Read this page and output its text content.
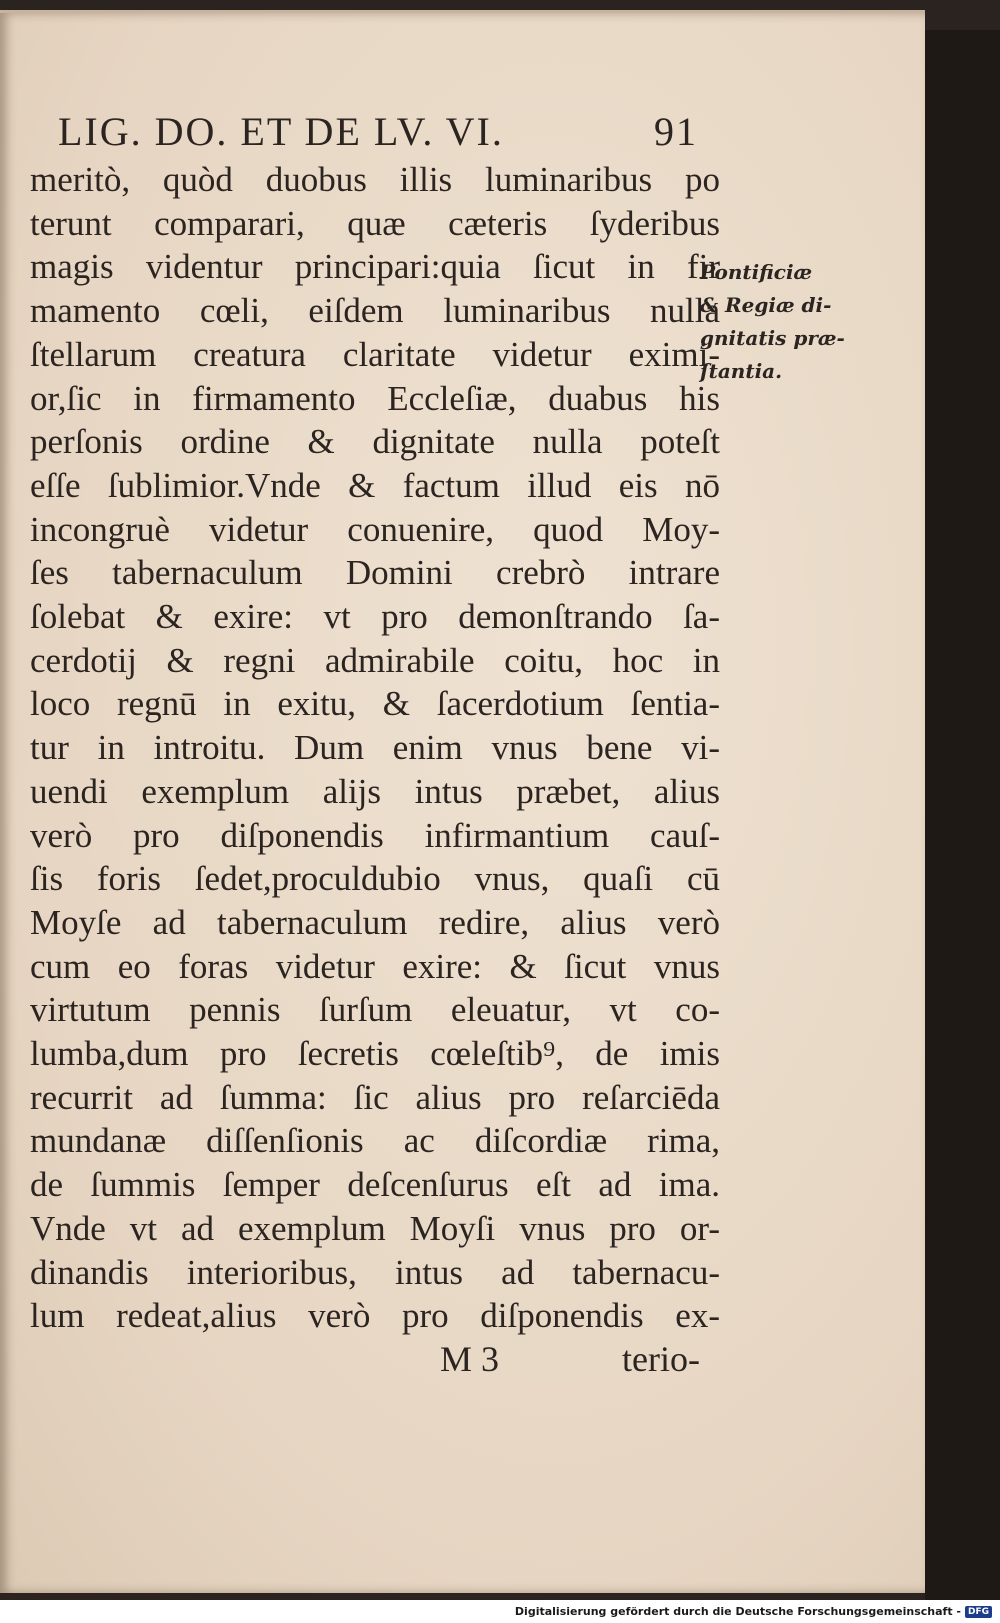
LIG. DO. ET DE LV. VI.	91
meritò, quòd duobus illis luminaribus po
terunt comparari, quæ cæteris ſyderibus
magis videntur principari:quia ſicut in fir
mamento cœli, eiſdem luminaribus nulla
ſtellarum creatura claritate videtur eximi-
or,ſic in firmamento Eccleſiæ, duabus his
perſonis ordine & dignitate nulla poteſt
eſſe ſublimior.Vnde & factum illud eis nō
incongruè videtur conuenire, quod Moy-
ſes tabernaculum Domini crebrò intrare
ſolebat & exire: vt pro demonſtrando ſa-
cerdotij & regni admirabile coitu, hoc in
loco regnū in exitu, & ſacerdotium ſentia-
tur in introitu. Dum enim vnus bene vi-
uendi exemplum alijs intus præbet, alius
verò pro diſponendis infirmantium cauſ-
ſis foris ſedet,proculdubio vnus, quaſi cū
Moyſe ad tabernaculum redire, alius verò
cum eo foras videtur exire: & ſicut vnus
virtutum pennis ſurſum eleuatur, vt co-
lumba,dum pro ſecretis cœleſtib⁹, de imis
recurrit ad ſumma: ſic alius pro reſarciēda
mundanæ diſſenſionis ac diſcordiæ rima,
de ſummis ſemper deſcenſurus eſt ad ima.
Vnde vt ad exemplum Moyſi vnus pro or-
dinandis interioribus, intus ad tabernacu-
lum redeat,alius verò pro diſponendis ex-
Pontificiæ
& Regiæ di-
gnitatis præ-
ſtantia.
M 3	terio-
Digitalisierung gefördert durch die Deutsche Forschungsgemeinschaft - DFG
